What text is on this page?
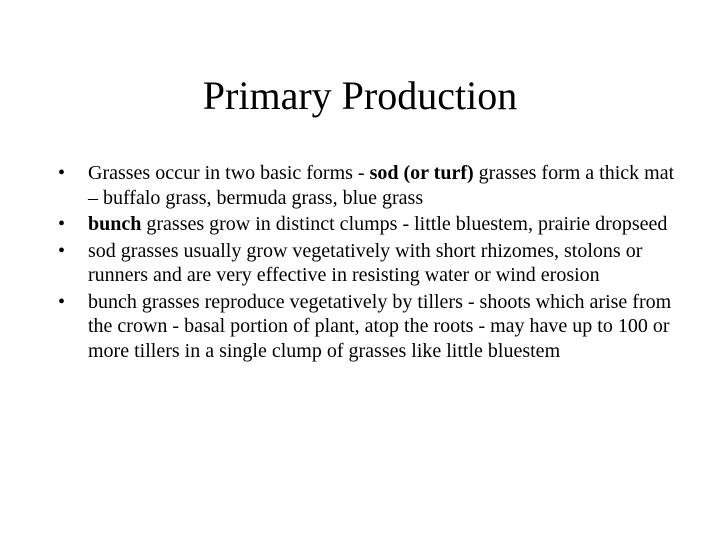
Primary Production
•	Grasses occur in two basic forms - sod (or turf) grasses form a thick mat – buffalo grass, bermuda grass, blue grass
•	bunch grasses grow in distinct clumps - little bluestem, prairie dropseed
•	sod grasses usually grow vegetatively with short rhizomes, stolons or runners and are very effective in resisting water or wind erosion
•	bunch grasses reproduce vegetatively by tillers - shoots which arise from the crown - basal portion of plant, atop the roots - may have up to 100 or more tillers in a single clump of grasses like little bluestem
